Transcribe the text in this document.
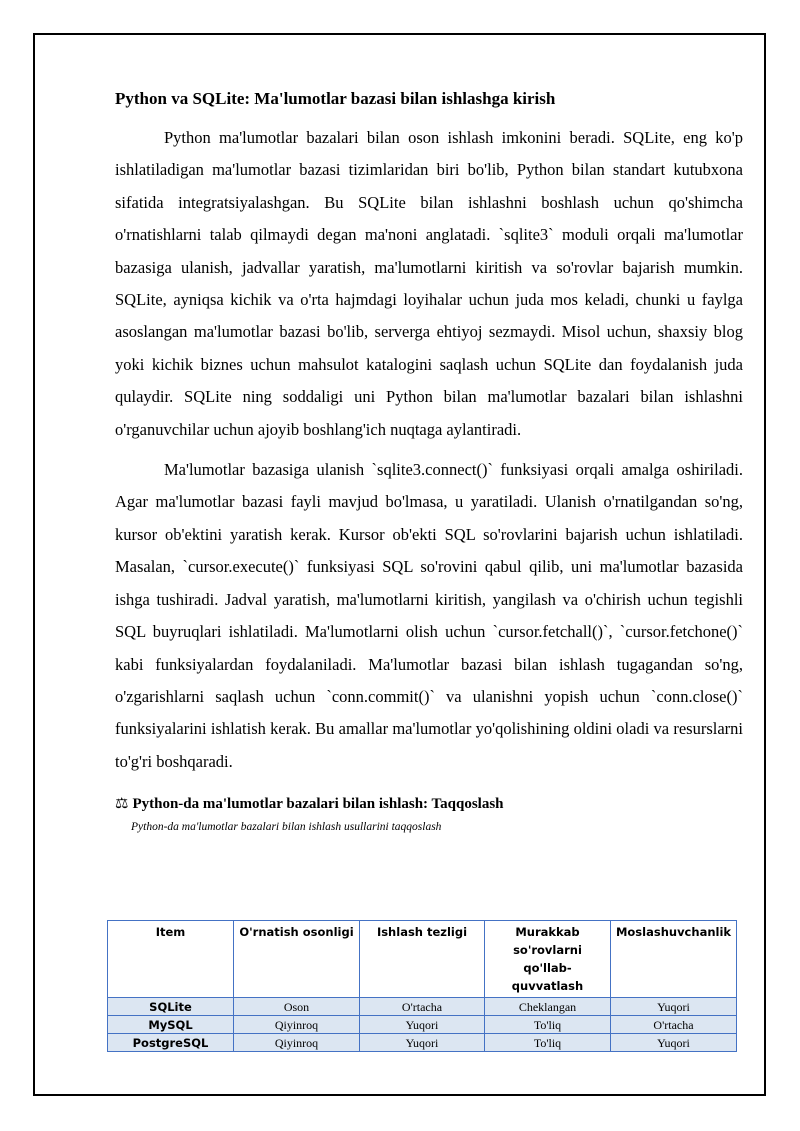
Python va SQLite: Ma'lumotlar bazasi bilan ishlashga kirish

Python ma'lumotlar bazalari bilan oson ishlash imkonini beradi. SQLite, eng ko'p ishlatiladigan ma'lumotlar bazasi tizimlaridan biri bo'lib, Python bilan standart kutubxona sifatida integratsiyalashgan. Bu SQLite bilan ishlashni boshlash uchun qo'shimcha o'rnatishlarni talab qilmaydi degan ma'noni anglatadi. `sqlite3` moduli orqali ma'lumotlar bazasiga ulanish, jadvallar yaratish, ma'lumotlarni kiritish va so'rovlar bajarish mumkin. SQLite, ayniqsa kichik va o'rta hajmdagi loyihalar uchun juda mos keladi, chunki u faylga asoslangan ma'lumotlar bazasi bo'lib, serverga ehtiyoj sezmaydi. Misol uchun, shaxsiy blog yoki kichik biznes uchun mahsulot katalogini saqlash uchun SQLite dan foydalanish juda qulaydir. SQLite ning soddaligi uni Python bilan ma'lumotlar bazalari bilan ishlashni o'rganuvchilar uchun ajoyib boshlang'ich nuqtaga aylantiradi.

Ma'lumotlar bazasiga ulanish `sqlite3.connect()` funksiyasi orqali amalga oshiriladi. Agar ma'lumotlar bazasi fayli mavjud bo'lmasa, u yaratiladi. Ulanish o'rnatilgandan so'ng, kursor ob'ektini yaratish kerak. Kursor ob'ekti SQL so'rovlarini bajarish uchun ishlatiladi. Masalan, `cursor.execute()` funksiyasi SQL so'rovini qabul qilib, uni ma'lumotlar bazasida ishga tushiradi. Jadval yaratish, ma'lumotlarni kiritish, yangilash va o'chirish uchun tegishli SQL buyruqlari ishlatiladi. Ma'lumotlarni olish uchun `cursor.fetchall()`, `cursor.fetchone()` kabi funksiyalardan foydalaniladi. Ma'lumotlar bazasi bilan ishlash tugagandan so'ng, o'zgarishlarni saqlash uchun `conn.commit()` va ulanishni yopish uchun `conn.close()` funksiyalarini ishlatish kerak. Bu amallar ma'lumotlar yo'qolishining oldini oladi va resurslarni to'g'ri boshqaradi.

⚖ Python-da ma'lumotlar bazalari bilan ishlash: Taqqoslash
Python-da ma'lumotlar bazalari bilan ishlash usullarini taqqoslash
Item	O'rnatish osonligi	Ishlash tezligi	Murakkab so'rovlarni qo'llab-quvvatlash	Moslashuvchanlik
SQLite	Oson	O'rtacha	Cheklangan	Yuqori
MySQL	Qiyinroq	Yuqori	To'liq	O'rtacha
PostgreSQL	Qiyinroq	Yuqori	To'liq	Yuqori
